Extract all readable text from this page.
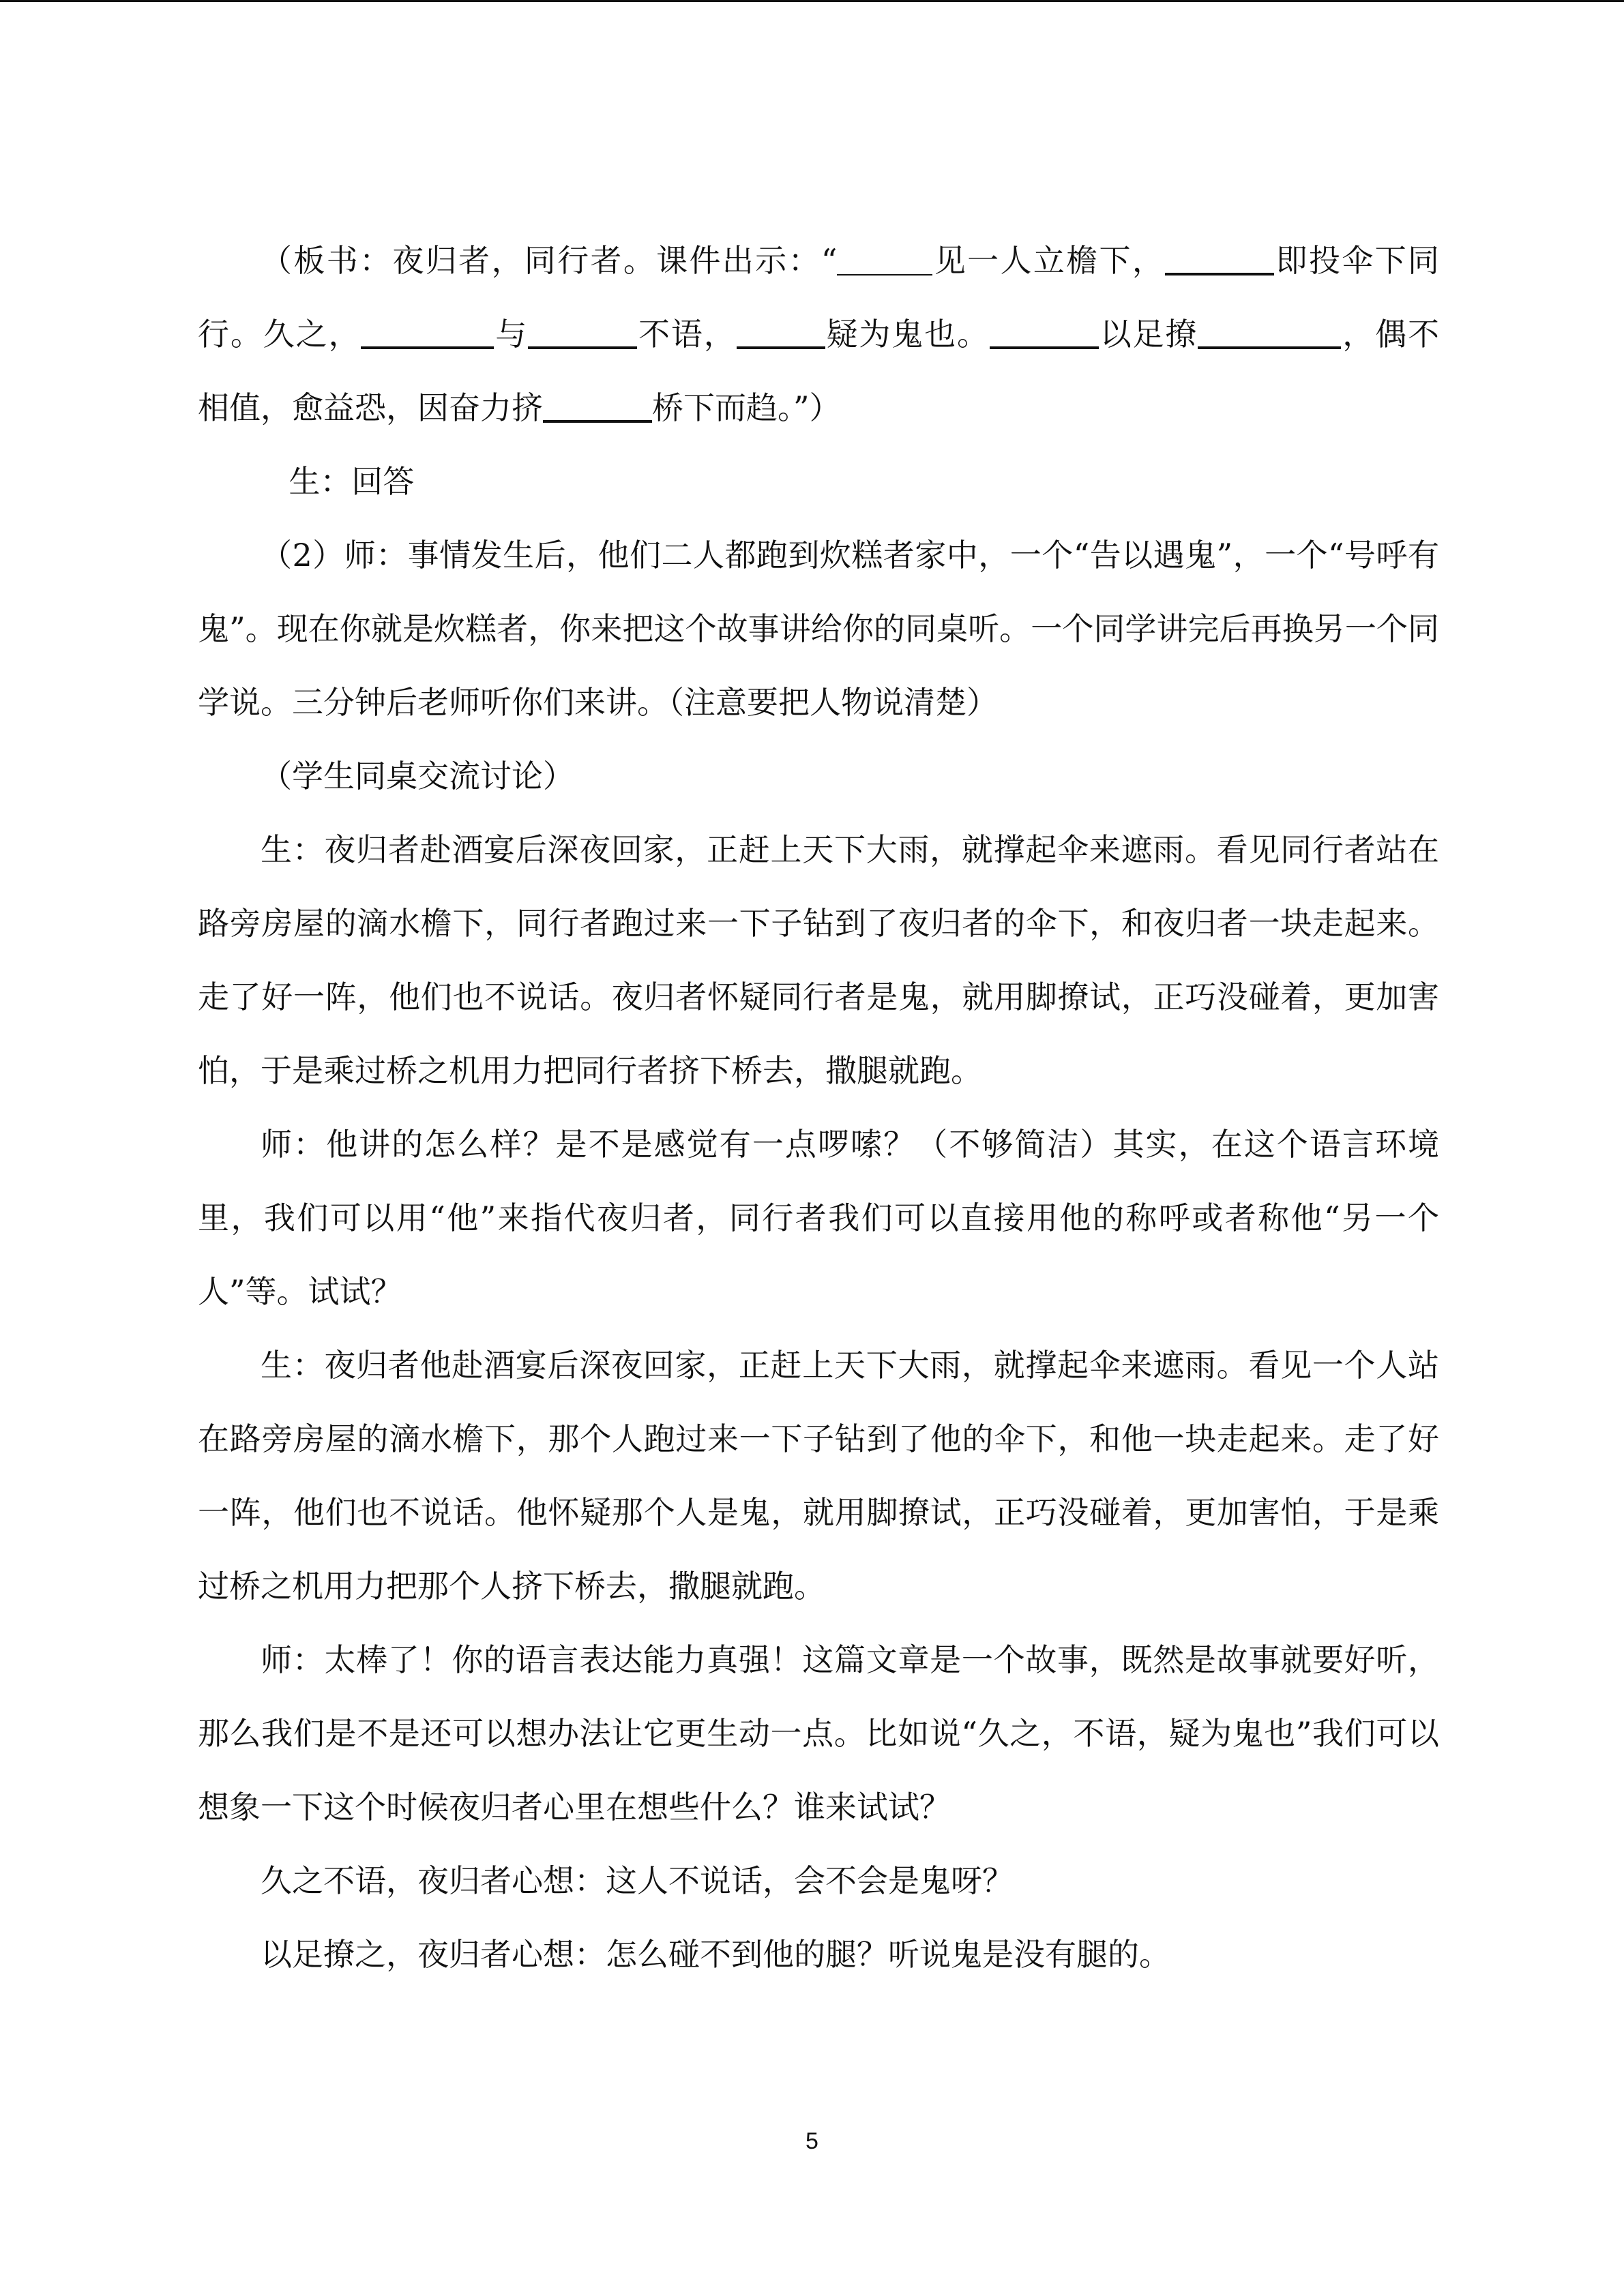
（板书：夜归者，同行者。课件出示：“	见一人立檐下，	即投伞下同行。久之，	与	不语，	疑为鬼也。	以足撩	，偶不相值，愈益恐，因奋力挤	桥下而趋。”）

生：回答

（2）师：事情发生后，他们二人都跑到炊糕者家中，一个“告以遇鬼”，一个“号呼有鬼”。现在你就是炊糕者，你来把这个故事讲给你的同桌听。一个同学讲完后再换另一个同学说。三分钟后老师听你们来讲。（注意要把人物说清楚）

（学生同桌交流讨论）

生：夜归者赴酒宴后深夜回家，正赶上天下大雨，就撑起伞来遮雨。看见同行者站在路旁房屋的滴水檐下，同行者跑过来一下子钻到了夜归者的伞下，和夜归者一块走起来。走了好一阵，他们也不说话。夜归者怀疑同行者是鬼，就用脚撩试，正巧没碰着，更加害怕，于是乘过桥之机用力把同行者挤下桥去，撒腿就跑。

师：他讲的怎么样？是不是感觉有一点啰嗦？（不够简洁）其实，在这个语言环境里，我们可以用“他”来指代夜归者，同行者我们可以直接用他的称呼或者称他“另一个人”等。试试？

生：夜归者他赴酒宴后深夜回家，正赶上天下大雨，就撑起伞来遮雨。看见一个人站在路旁房屋的滴水檐下，那个人跑过来一下子钻到了他的伞下，和他一块走起来。走了好一阵，他们也不说话。他怀疑那个人是鬼，就用脚撩试，正巧没碰着，更加害怕，于是乘过桥之机用力把那个人挤下桥去，撒腿就跑。

师：太棒了！你的语言表达能力真强！这篇文章是一个故事，既然是故事就要好听，那么我们是不是还可以想办法让它更生动一点。比如说“久之，不语，疑为鬼也”我们可以想象一下这个时候夜归者心里在想些什么？谁来试试？

久之不语，夜归者心想：这人不说话，会不会是鬼呀？

以足撩之，夜归者心想：怎么碰不到他的腿？听说鬼是没有腿的。

5
